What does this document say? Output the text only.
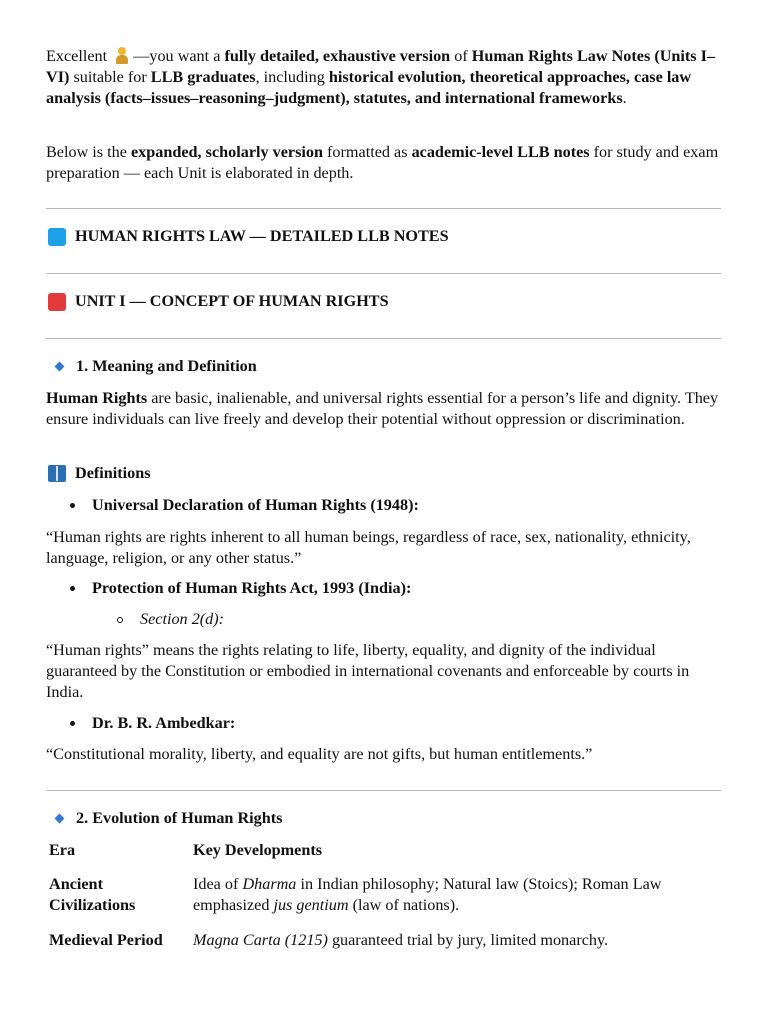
Excellent
—you want a fully detailed, exhaustive version of Human Rights Law Notes (Units I–VI) suitable for LLB graduates, including historical evolution, theoretical approaches, case law analysis (facts–issues–reasoning–judgment), statutes, and international frameworks.

Below is the expanded, scholarly version formatted as academic-level LLB notes for study and exam preparation — each Unit is elaborated in depth.

HUMAN RIGHTS LAW — DETAILED LLB NOTES
UNIT I — CONCEPT OF HUMAN RIGHTS
1. Meaning and Definition

Human Rights are basic, inalienable, and universal rights essential for a person’s life and dignity. They ensure individuals can live freely and develop their potential without oppression or discrimination.

Definitions
Universal Declaration of Human Rights (1948):

“Human rights are rights inherent to all human beings, regardless of race, sex, nationality, ethnicity, language, religion, or any other status.”

Protection of Human Rights Act, 1993 (India):
Section 2(d):

“Human rights” means the rights relating to life, liberty, equality, and dignity of the individual guaranteed by the Constitution or embodied in international covenants and enforceable by courts in India.

Dr. B. R. Ambedkar:

“Constitutional morality, liberty, and equality are not gifts, but human entitlements.”

2. Evolution of Human Rights
Era	Key Developments
Ancient Civilizations	Idea of Dharma in Indian philosophy; Natural law (Stoics); Roman Law emphasized jus gentium (law of nations).
Medieval Period	Magna Carta (1215) guaranteed trial by jury, limited monarchy.
